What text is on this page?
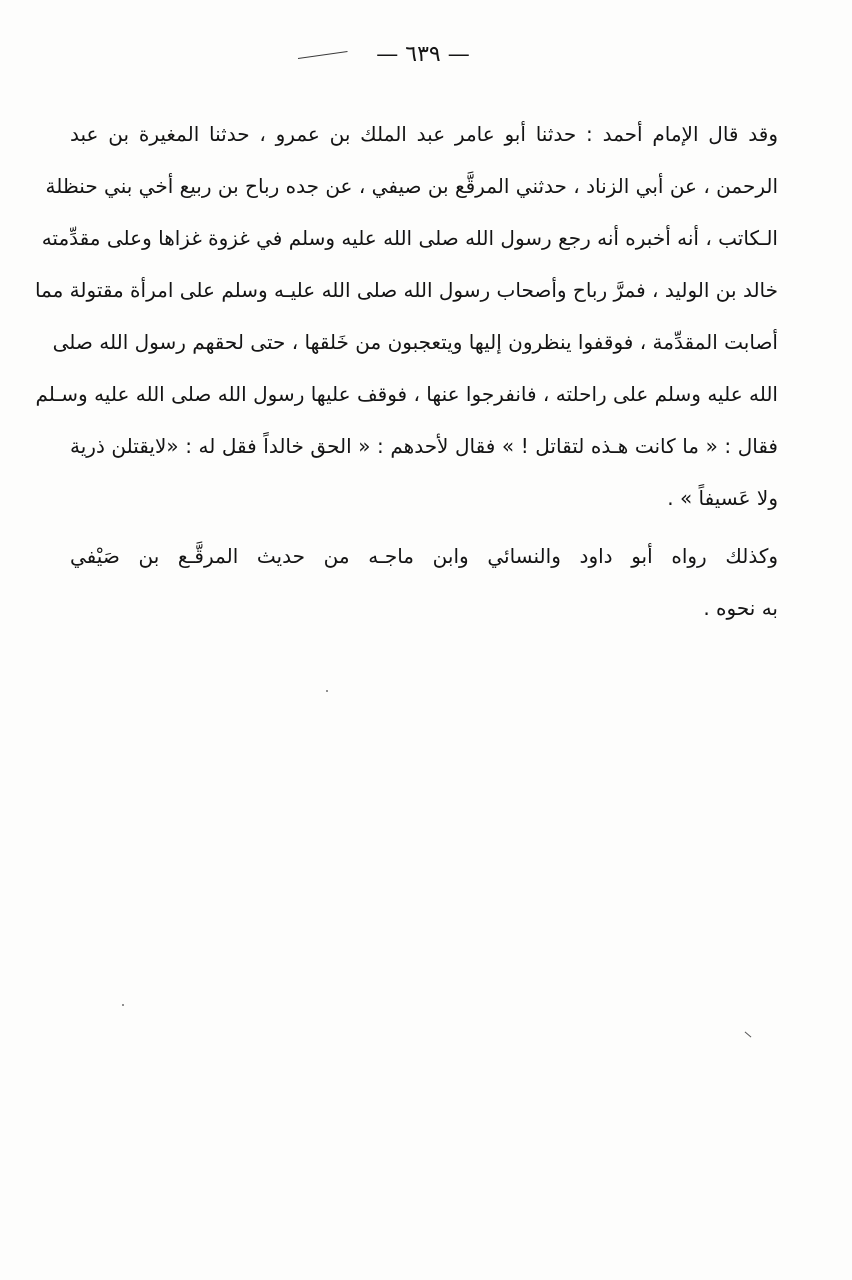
— ٦٣٩ —

وقد قال الإمام أحمد : حدثنا أبو عامر عبد الملك بن عمرو ، حدثنا المغيرة بن عبد
الرحمن ، عن أبي الزناد ، حدثني المرقَّع بن صيفي ، عن جده رباح بن ربيع أخي بني حنظلة
الـكاتب ، أنه أخبره أنه رجع رسول الله صلى الله عليه وسلم في غزوة غزاها وعلى مقدِّمته
خالد بن الوليد ، فمرَّ رباح وأصحاب رسول الله صلى الله عليـه وسلم على امرأة مقتولة مما
أصابت المقدِّمة ، فوقفوا ينظرون إليها ويتعجبون من خَلقها ، حتى لحقهم رسول الله صلى
الله عليه وسلم على راحلته ، فانفرجوا عنها ، فوقف عليها رسول الله صلى الله عليه وسـلم
فقال : « ما كانت هـذه لتقاتل ! » فقال لأحدهم : « الحق خالداً فقل له : «لايقتلن ذرية
ولا عَسيفاً » .

وكذلك رواه أبو داود والنسائي وابن ماجـه من حديث المرقَّـع بن صَيْفي
به نحوه .
